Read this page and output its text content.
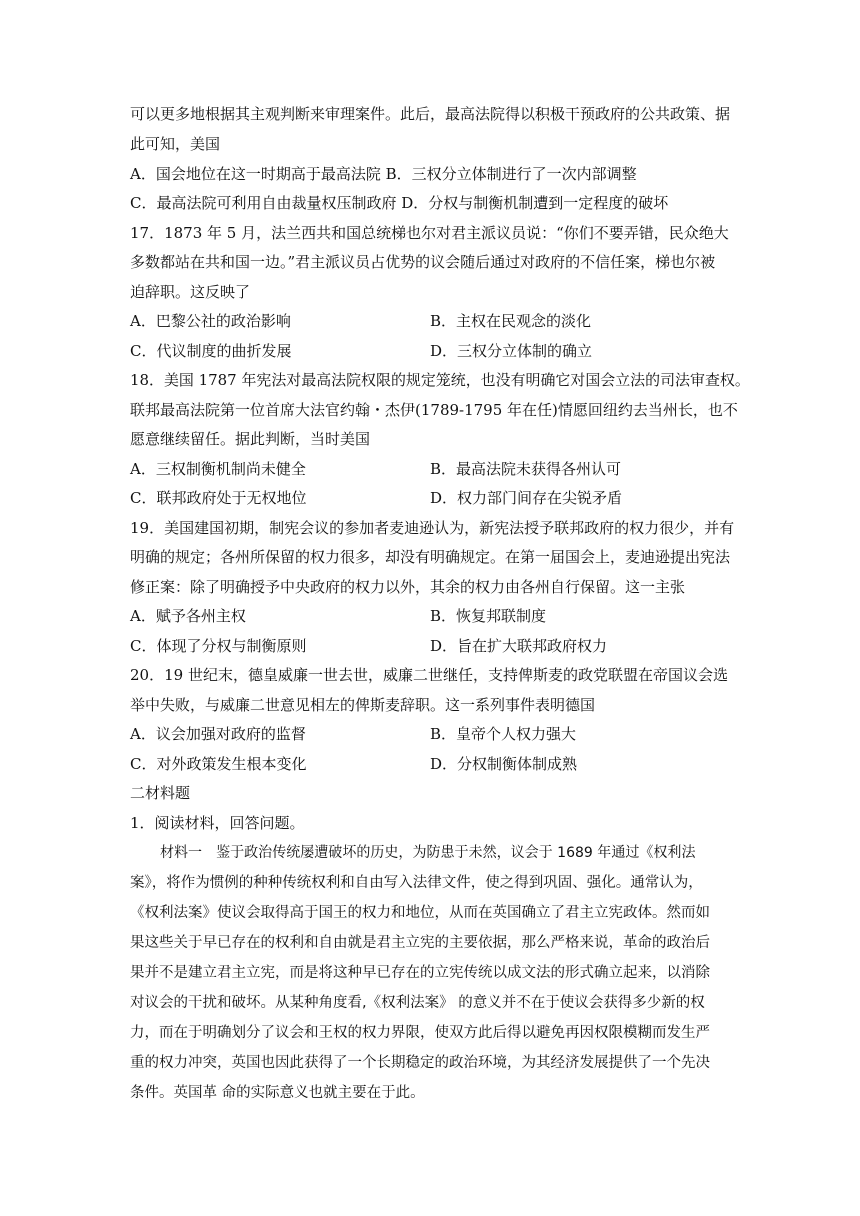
可以更多地根据其主观判断来审理案件。此后，最高法院得以积极干预政府的公共政策、据
此可知，美国
A．国会地位在这一时期高于最高法院 B．三权分立体制进行了一次内部调整
C．最高法院可利用自由裁量权压制政府 D．分权与制衡机制遭到一定程度的破坏
17．1873 年 5 月，法兰西共和国总统梯也尔对君主派议员说：“你们不要弄错，民众绝大
多数都站在共和国一边。”君主派议员占优势的议会随后通过对政府的不信任案，梯也尔被
迫辞职。这反映了
A．巴黎公社的政治影响	B．主权在民观念的淡化
C．代议制度的曲折发展	D．三权分立体制的确立
18．美国 1787 年宪法对最高法院权限的规定笼统，也没有明确它对国会立法的司法审查权。
联邦最高法院第一位首席大法官约翰・杰伊(1789-1795 年在任)情愿回纽约去当州长，也不
愿意继续留任。据此判断，当时美国
A．三权制衡机制尚未健全	B．最高法院未获得各州认可
C．联邦政府处于无权地位	D．权力部门间存在尖锐矛盾
19．美国建国初期，制宪会议的参加者麦迪逊认为，新宪法授予联邦政府的权力很少，并有
明确的规定；各州所保留的权力很多，却没有明确规定。在第一届国会上，麦迪逊提出宪法
修正案：除了明确授予中央政府的权力以外，其余的权力由各州自行保留。这一主张
A．赋予各州主权	B．恢复邦联制度
C．体现了分权与制衡原则	D．旨在扩大联邦政府权力
20．19 世纪末，德皇威廉一世去世，威廉二世继任，支持俾斯麦的政党联盟在帝国议会选
举中失败，与威廉二世意见相左的俾斯麦辞职。这一系列事件表明德国
A．议会加强对政府的监督	B．皇帝个人权力强大
C．对外政策发生根本变化	D．分权制衡体制成熟
二材料题
1．阅读材料，回答问题。
材料一　鉴于政治传统屡遭破坏的历史，为防患于未然，议会于 1689 年通过《权利法
案》，将作为惯例的种种传统权利和自由写入法律文件，使之得到巩固、强化。通常认为，
《权利法案》使议会取得高于国王的权力和地位，从而在英国确立了君主立宪政体。然而如
果这些关于早已存在的权利和自由就是君主立宪的主要依据，那么严格来说，革命的政治后
果并不是建立君主立宪，而是将这种早已存在的立宪传统以成文法的形式确立起来，以消除
对议会的干扰和破坏。从某种角度看,《权利法案》 的意义并不在于使议会获得多少新的权
力，而在于明确划分了议会和王权的权力界限，使双方此后得以避免再因权限模糊而发生严
重的权力冲突，英国也因此获得了一个长期稳定的政治环境，为其经济发展提供了一个先决
条件。英国革 命的实际意义也就主要在于此。
